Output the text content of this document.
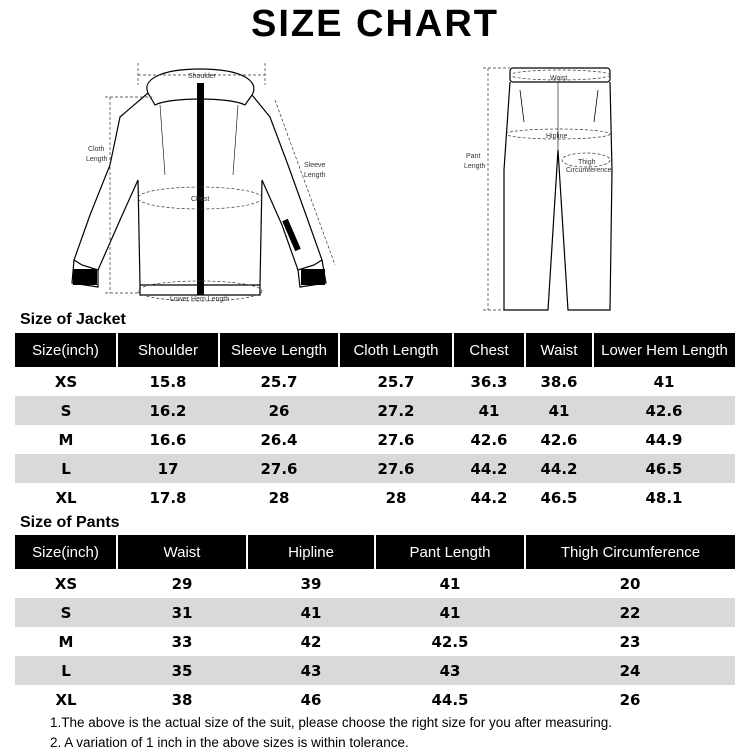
SIZE CHART
Shoulder
Cloth
Length
Sleeve
Length
Chest
Lower Hem Length
Waist
Hipline
Pant
Length
Thigh
Circumference
Size of Jacket
Size(inch)	Shoulder	Sleeve Length	Cloth Length	Chest	Waist	Lower Hem Length
XS	15.8	25.7	25.7	36.3	38.6	41
S	16.2	26	27.2	41	41	42.6
M	16.6	26.4	27.6	42.6	42.6	44.9
L	17	27.6	27.6	44.2	44.2	46.5
XL	17.8	28	28	44.2	46.5	48.1
Size of Pants
Size(inch)	Waist	Hipline	Pant Length	Thigh Circumference
XS	29	39	41	20
S	31	41	41	22
M	33	42	42.5	23
L	35	43	43	24
XL	38	46	44.5	26
1.The above is the actual size of the suit, please choose the right size for you after measuring.
2. A variation of 1 inch in the above sizes is within tolerance.
